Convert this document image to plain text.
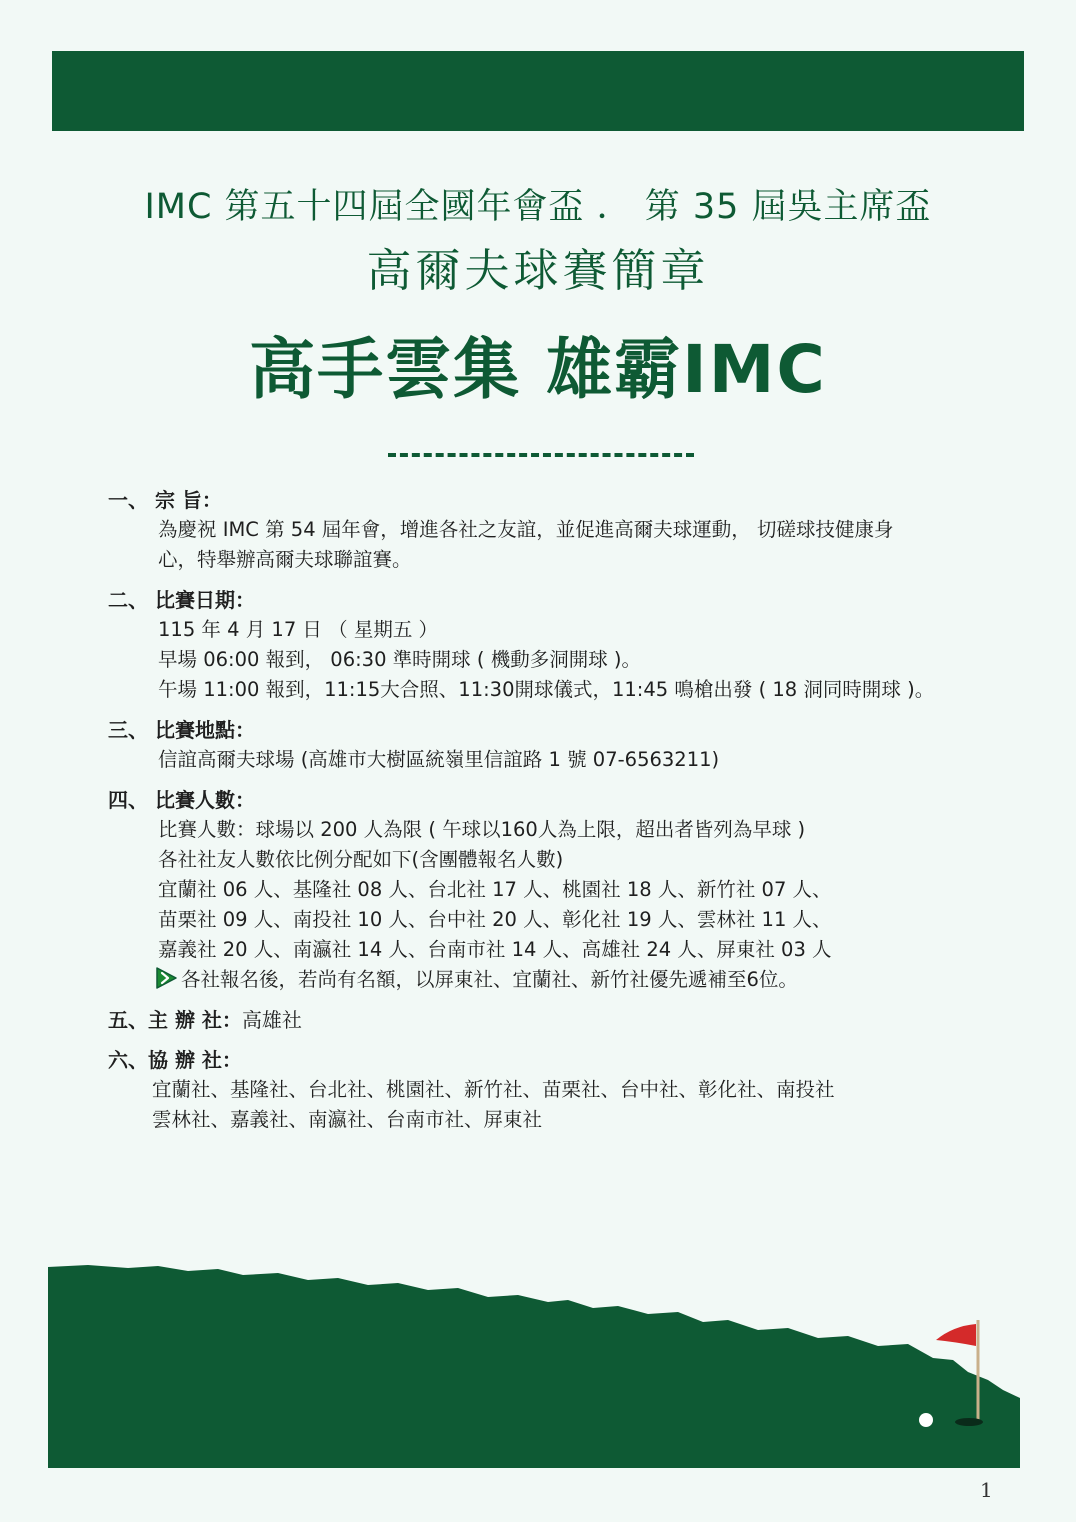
IMC 第五十四屆全國年會盃 ． 第 35 屆吳主席盃
高爾夫球賽簡章
高手雲集 雄霸IMC
一、 宗 旨：
為慶祝 IMC 第 54 屆年會，增進各社之友誼，並促進高爾夫球運動， 切磋球技健康身
心，特舉辦高爾夫球聯誼賽。
二、 比賽日期：
115 年 4 月 17 日 （ 星期五 ）
早場 06:00 報到， 06:30 準時開球 ( 機動多洞開球 )。
午場 11:00 報到，11:15大合照、11:30開球儀式，11:45 鳴槍出發 ( 18 洞同時開球 )。
三、 比賽地點：
信誼高爾夫球場 (高雄市大樹區統嶺里信誼路 1 號 07-6563211)
四、 比賽人數：
比賽人數：球場以 200 人為限 ( 午球以160人為上限，超出者皆列為早球 )
各社社友人數依比例分配如下(含團體報名人數)
宜蘭社 06 人、基隆社 08 人、台北社 17 人、桃園社 18 人、新竹社 07 人、
苗栗社 09 人、南投社 10 人、台中社 20 人、彰化社 19 人、雲林社 11 人、
嘉義社 20 人、南瀛社 14 人、台南市社 14 人、高雄社 24 人、屏東社 03 人
各社報名後，若尚有名額，以屏東社、宜蘭社、新竹社優先遞補至6位。
五、主 辦 社：高雄社
六、協 辦 社：
宜蘭社、基隆社、台北社、桃園社、新竹社、苗栗社、台中社、彰化社、南投社
雲林社、嘉義社、南瀛社、台南市社、屏東社
1
